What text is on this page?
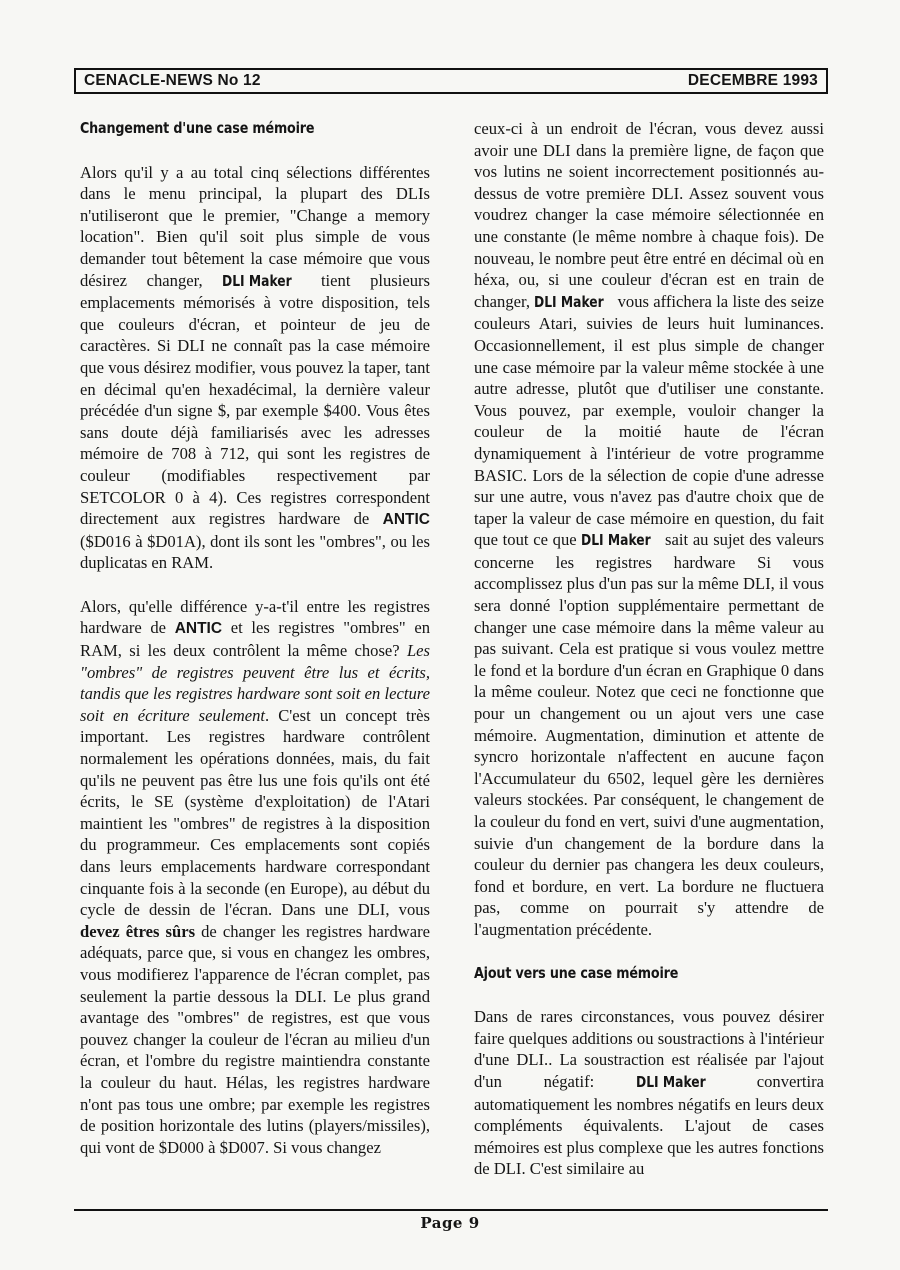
CENACLE-NEWS No 12	DECEMBRE 1993
Changement d'une case mémoire

Alors qu'il y a au total cinq sélections différentes dans le menu principal, la plupart des DLIs n'utiliseront que le premier, "Change a memory location". Bien qu'il soit plus simple de vous demander tout bêtement la case mémoire que vous désirez changer, DLI Maker tient plusieurs emplacements mémorisés à votre disposition, tels que couleurs d'écran, et pointeur de jeu de caractères. Si DLI ne connaît pas la case mémoire que vous désirez modifier, vous pouvez la taper, tant en décimal qu'en hexadécimal, la dernière valeur précédée d'un signe $, par exemple $400. Vous êtes sans doute déjà familiarisés avec les adresses mémoire de 708 à 712, qui sont les registres de couleur (modifiables respectivement par SETCOLOR 0 à 4). Ces registres correspondent directement aux registres hardware de ANTIC ($D016 à $D01A), dont ils sont les "ombres", ou les duplicatas en RAM.

Alors, qu'elle différence y-a-t'il entre les registres hardware de ANTIC et les registres "ombres" en RAM, si les deux contrôlent la même chose? Les "ombres" de registres peuvent être lus et écrits, tandis que les registres hardware sont soit en lecture soit en écriture seulement. C'est un concept très important. Les registres hardware contrôlent normalement les opérations données, mais, du fait qu'ils ne peuvent pas être lus une fois qu'ils ont été écrits, le SE (système d'exploitation) de l'Atari maintient les "ombres" de registres à la disposition du programmeur. Ces emplacements sont copiés dans leurs emplacements hardware correspondant cinquante fois à la seconde (en Europe), au début du cycle de dessin de l'écran. Dans une DLI, vous devez êtres sûrs de changer les registres hardware adéquats, parce que, si vous en changez les ombres, vous modifierez l'apparence de l'écran complet, pas seulement la partie dessous la DLI. Le plus grand avantage des "ombres" de registres, est que vous pouvez changer la couleur de l'écran au milieu d'un écran, et l'ombre du registre maintiendra constante la couleur du haut. Hélas, les registres hardware n'ont pas tous une ombre; par exemple les registres de position horizontale des lutins (players/missiles), qui vont de $D000 à $D007. Si vous changez

ceux-ci à un endroit de l'écran, vous devez aussi avoir une DLI dans la première ligne, de façon que vos lutins ne soient incorrectement positionnés au-dessus de votre première DLI. Assez souvent vous voudrez changer la case mémoire sélectionnée en une constante (le même nombre à chaque fois). De nouveau, le nombre peut être entré en décimal où en héxa, ou, si une couleur d'écran est en train de changer, DLI Maker vous affichera la liste des seize couleurs Atari, suivies de leurs huit luminances. Occasionnellement, il est plus simple de changer une case mémoire par la valeur même stockée à une autre adresse, plutôt que d'utiliser une constante. Vous pouvez, par exemple, vouloir changer la couleur de la moitié haute de l'écran dynamiquement à l'intérieur de votre programme BASIC. Lors de la sélection de copie d'une adresse sur une autre, vous n'avez pas d'autre choix que de taper la valeur de case mémoire en question, du fait que tout ce que DLI Maker sait au sujet des valeurs concerne les registres hardware Si vous accomplissez plus d'un pas sur la même DLI, il vous sera donné l'option supplémentaire permettant de changer une case mémoire dans la même valeur au pas suivant. Cela est pratique si vous voulez mettre le fond et la bordure d'un écran en Graphique 0 dans la même couleur. Notez que ceci ne fonctionne que pour un changement ou un ajout vers une case mémoire. Augmentation, diminution et attente de syncro horizontale n'affectent en aucune façon l'Accumulateur du 6502, lequel gère les dernières valeurs stockées. Par conséquent, le changement de la couleur du fond en vert, suivi d'une augmentation, suivie d'un changement de la bordure dans la couleur du dernier pas changera les deux couleurs, fond et bordure, en vert. La bordure ne fluctuera pas, comme on pourrait s'y attendre de l'augmentation précédente.

Ajout vers une case mémoire

Dans de rares circonstances, vous pouvez désirer faire quelques additions ou soustractions à l'intérieur d'une DLI.. La soustraction est réalisée par l'ajout d'un négatif: DLI Maker convertira automatiquement les nombres négatifs en leurs deux compléments équivalents. L'ajout de cases mémoires est plus complexe que les autres fonctions de DLI. C'est similaire au

Page 9
